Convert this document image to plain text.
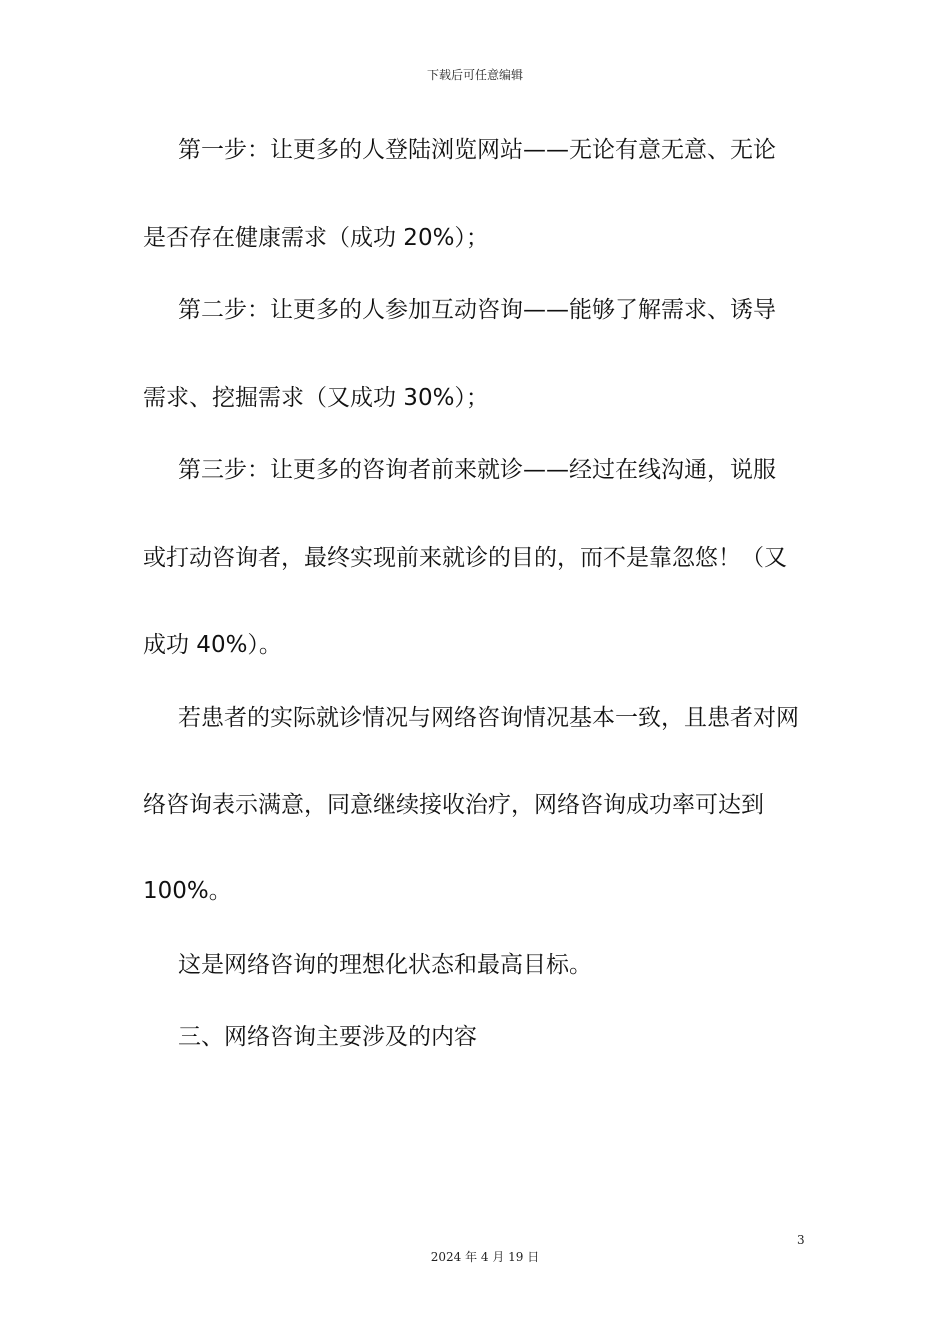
下载后可任意编辑
第一步：让更多的人登陆浏览网站——无论有意无意、无论
是否存在健康需求（成功 20%）；
第二步：让更多的人参加互动咨询——能够了解需求、诱导
需求、挖掘需求（又成功 30%）；
第三步：让更多的咨询者前来就诊——经过在线沟通，说服
或打动咨询者，最终实现前来就诊的目的，而不是靠忽悠！（又
成功 40%）。
若患者的实际就诊情况与网络咨询情况基本一致，且患者对网
络咨询表示满意，同意继续接收治疗，网络咨询成功率可达到
100%。
这是网络咨询的理想化状态和最高目标。
三、网络咨询主要涉及的内容
3
2024 年 4 月 19 日
